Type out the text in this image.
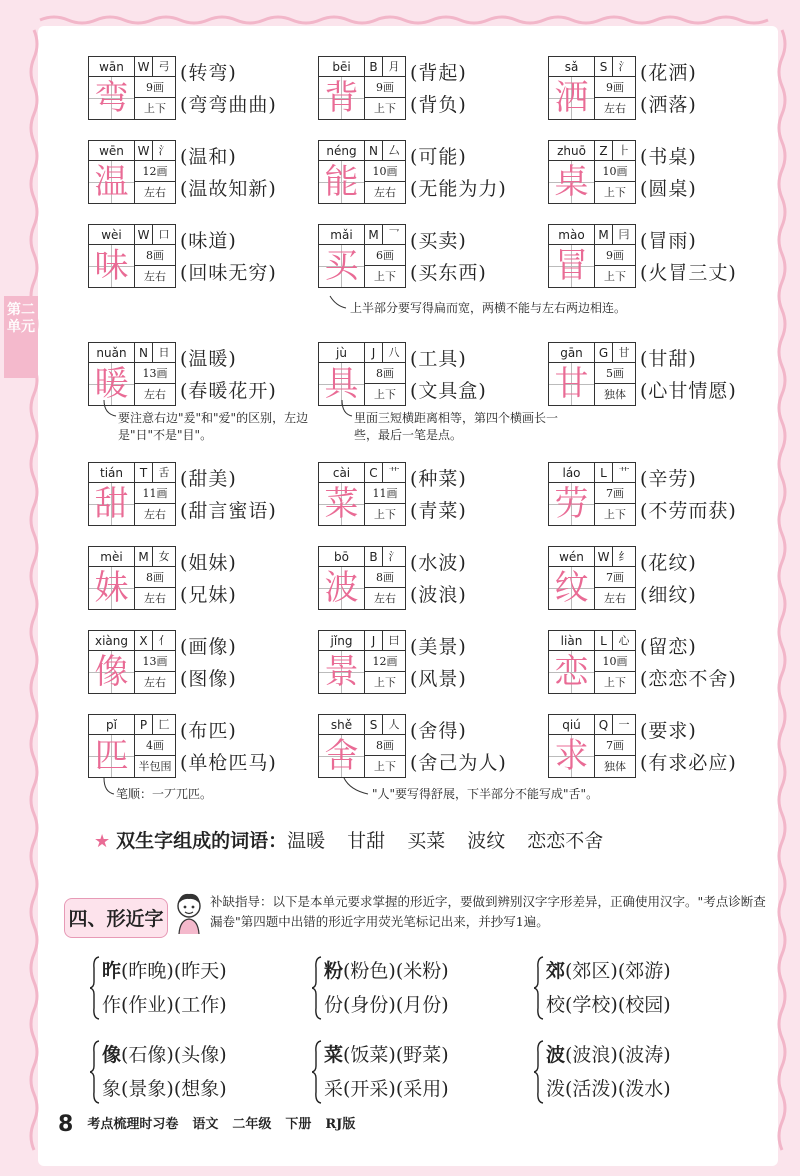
第二单元
wān	W 弓
弯	9画
上下
(转弯)
(弯弯曲曲)
bēi	B 月
背	9画
上下
(背起)
(背负)
sǎ	S	氵
洒	9画
左右
(花洒)
(洒落)
wēn	W 氵
温	12画
左右
(温和)
(温故知新)
néng	N 厶
能	10画
左右
(可能)
(无能为力)
zhuō	Z ⺊
桌	10画
上下
(书桌)
(圆桌)
wèi	W 口
味	8画
左右
(味道)
(回味无穷)
mǎi	M 乛
买	6画
上下
(买卖)
(买东西)
mào	M 冃
冒	9画
上下
(冒雨)
(火冒三丈)
nuǎn	N 日
暖	13画
左右
(温暖)
(春暖花开)
jù	J	八
具	8画
上下
(工具)
(文具盒)
gān	G 甘
甘	5画
独体
(甘甜)
(心甘情愿)
tián	T	舌
甜	11画
左右
(甜美)
(甜言蜜语)
cài	C 艹
菜	11画
上下
(种菜)
(青菜)
láo	L	艹
劳	7画
上下
(辛劳)
(不劳而获)
mèi	M 女
妹	8画
左右
(姐妹)
(兄妹)
bō	B 氵
波	8画
左右
(水波)
(波浪)
wén	W 纟
纹	7画
左右
(花纹)
(细纹)
xiàng X 亻
像	13画
左右
(画像)
(图像)
jǐng	J	曰
景	12画
上下
(美景)
(风景)
liàn	L	心
恋	10画
上下
(留恋)
(恋恋不舍)
pǐ	P	匚
匹	4画
半包围
(布匹)
(单枪匹马)
shě	S	人
舍	8画
上下
(舍得)
(舍己为人)
qiú	Q 一
求	7画
独体
(要求)
(有求必应)
上半部分要写得扁而宽，两横不能与左右两边相连。
要注意右边"爰"和"爱"的区别，左边是"日"不是"目"。
里面三短横距离相等，第四个横画长一些，最后一笔是点。
笔顺：一丆兀匹。	"人"要写得舒展，下半部分不能写成"舌"。
★ 双生字组成的词语：温暖 甘甜 买菜 波纹 恋恋不舍
四、形近字
补缺指导：以下是本单元要求掌握的形近字，要做到辨别汉字字形差异，正确使用汉字。"考点诊断查漏卷"第四题中出错的形近字用荧光笔标记出来，并抄写1遍。
昨(昨晚)(昨天)
作(作业)(工作)
粉(粉色)(米粉)
份(身份)(月份)
郊(郊区)(郊游)
校(学校)(校园)
像(石像)(头像)
象(景象)(想象)
菜(饭菜)(野菜)
采(开采)(采用)
波(波浪)(波涛)
泼(活泼)(泼水)
8 考点梳理时习卷 语文 二年级 下册 RJ版
